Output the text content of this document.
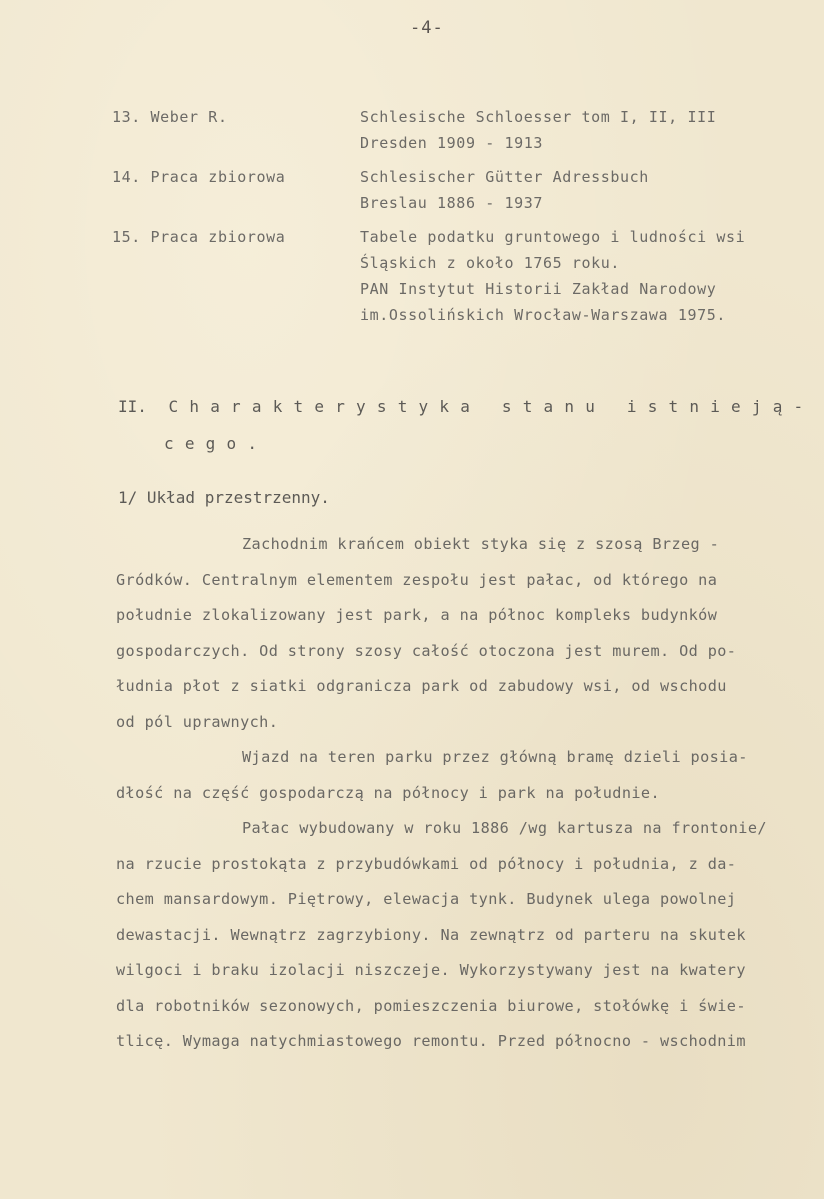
-4-
13. Weber R.	Schlesische Schloesser tom I, II, III
Dresden 1909 - 1913
14. Praca zbiorowa	Schlesischer Gütter Adressbuch
Breslau 1886 - 1937
15. Praca zbiorowa	Tabele podatku gruntowego i ludności wsi
Śląskich z około 1765 roku.
PAN Instytut Historii Zakład Narodowy
im.Ossolińskich Wrocław-Warszawa 1975.
II. Charakterystyka stanu istnieją-
cego.
1/ Układ przestrzenny.
Zachodnim krańcem obiekt styka się z szosą Brzeg -
Gródków. Centralnym elementem zespołu jest pałac, od którego na
południe zlokalizowany jest park, a na północ kompleks budynków
gospodarczych. Od strony szosy całość otoczona jest murem. Od po-
łudnia płot z siatki odgranicza park od zabudowy wsi, od wschodu
od pól uprawnych.
Wjazd na teren parku przez główną bramę dzieli posia-
dłość na część gospodarczą na północy i park na południe.
Pałac wybudowany w roku 1886 /wg kartusza na frontonie/
na rzucie prostokąta z przybudówkami od północy i południa, z da-
chem mansardowym. Piętrowy, elewacja tynk. Budynek ulega powolnej
dewastacji. Wewnątrz zagrzybiony. Na zewnątrz od parteru na skutek
wilgoci i braku izolacji niszczeje. Wykorzystywany jest na kwatery
dla robotników sezonowych, pomieszczenia biurowe, stołówkę i świe-
tlicę. Wymaga natychmiastowego remontu. Przed północno - wschodnim
